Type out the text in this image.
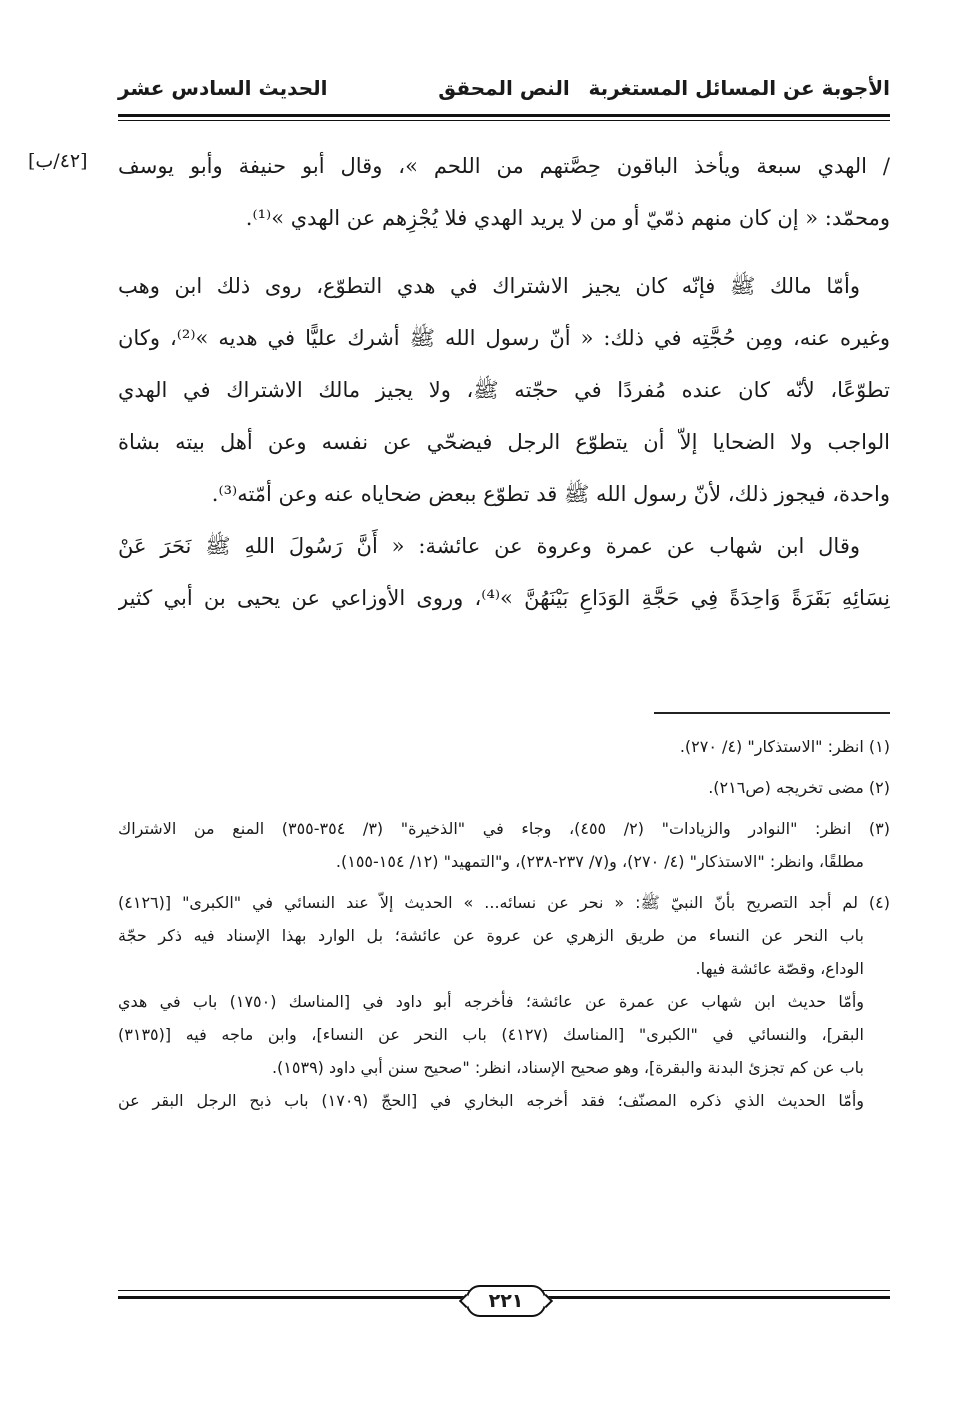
الأجوبة عن المسائل المستغربة
النص المحقق
الحديث السادس عشر
[٤٢/ب] / الهدي سبعة ويأخذ الباقون حِصَّتهم من اللحم »، وقال أبو حنيفة وأبو يوسف
ومحمّد: « إن كان منهم ذمّيّ أو من لا يريد الهدي فلا يُجْزِهم عن الهدي »⁽¹⁾.
وأمّا مالك ﷺ فإنّه كان يجيز الاشتراك في هدي التطوّع، روى ذلك ابن وهب
وغيره عنه، ومِن حُجَّتِه في ذلك: « أنّ رسول الله ﷺ أشرك عليًّا في هديه »⁽²⁾، وكان
تطوّعًا، لأنّه كان عنده مُفردًا في حجّته ﷺ، ولا يجيز مالك الاشتراك في الهدي
الواجب ولا الضحايا إلاّ أن يتطوّع الرجل فيضحّي عن نفسه وعن أهل بيته بشاة
واحدة، فيجوز ذلك، لأنّ رسول الله ﷺ قد تطوّع ببعض ضحاياه عنه وعن أمّته⁽³⁾.
وقال ابن شهاب عن عمرة وعروة عن عائشة: « أَنَّ رَسُولَ اللهِ ﷺ نَحَرَ عَنْ
نِسَائِهِ بَقَرَةً وَاحِدَةً فِي حَجَّةِ الوَدَاعِ بَيْنَهُنَّ »⁽⁴⁾، وروى الأوزاعي عن يحيى بن أبي كثير
(١) انظر: "الاستذكار" (٤/ ٢٧٠).
(٢) مضى تخريجه (ص٢١٦).
(٣) انظر: "النوادر والزيادات" (٢/ ٤٥٥)، وجاء في "الذخيرة" (٣/ ٣٥٤-٣٥٥) المنع من الاشتراك
مطلقًا، وانظر: "الاستذكار" (٤/ ٢٧٠)، و(٧/ ٢٣٧-٢٣٨)، و"التمهيد" (١٢/ ١٥٤-١٥٥).
(٤) لم أجد التصريح بأنّ النبيّ ﷺ: « نحر عن نسائه... » الحديث إلاّ عند النسائي في "الكبرى" [(٤١٢٦)
باب النحر عن النساء من طريق الزهري عن عروة عن عائشة؛ بل الوارد بهذا الإسناد فيه ذكر حجّة
الوداع، وقصّة عائشة فيها.
وأمّا حديث ابن شهاب عن عمرة عن عائشة؛ فأخرجه أبو داود في [المناسك (١٧٥٠) باب في هدي
البقر]، والنسائي في "الكبرى" [المناسك (٤١٢٧) باب النحر عن النساء]، وابن ماجه فيه [(٣١٣٥)
باب عن كم تجزئ البدنة والبقرة]، وهو صحيح الإسناد، انظر: "صحيح سنن أبي داود (١٥٣٩).
وأمّا الحديث الذي ذكره المصنّف؛ فقد أخرجه البخاري في [الحجّ (١٧٠٩) باب ذبح الرجل البقر عن
٢٢١
